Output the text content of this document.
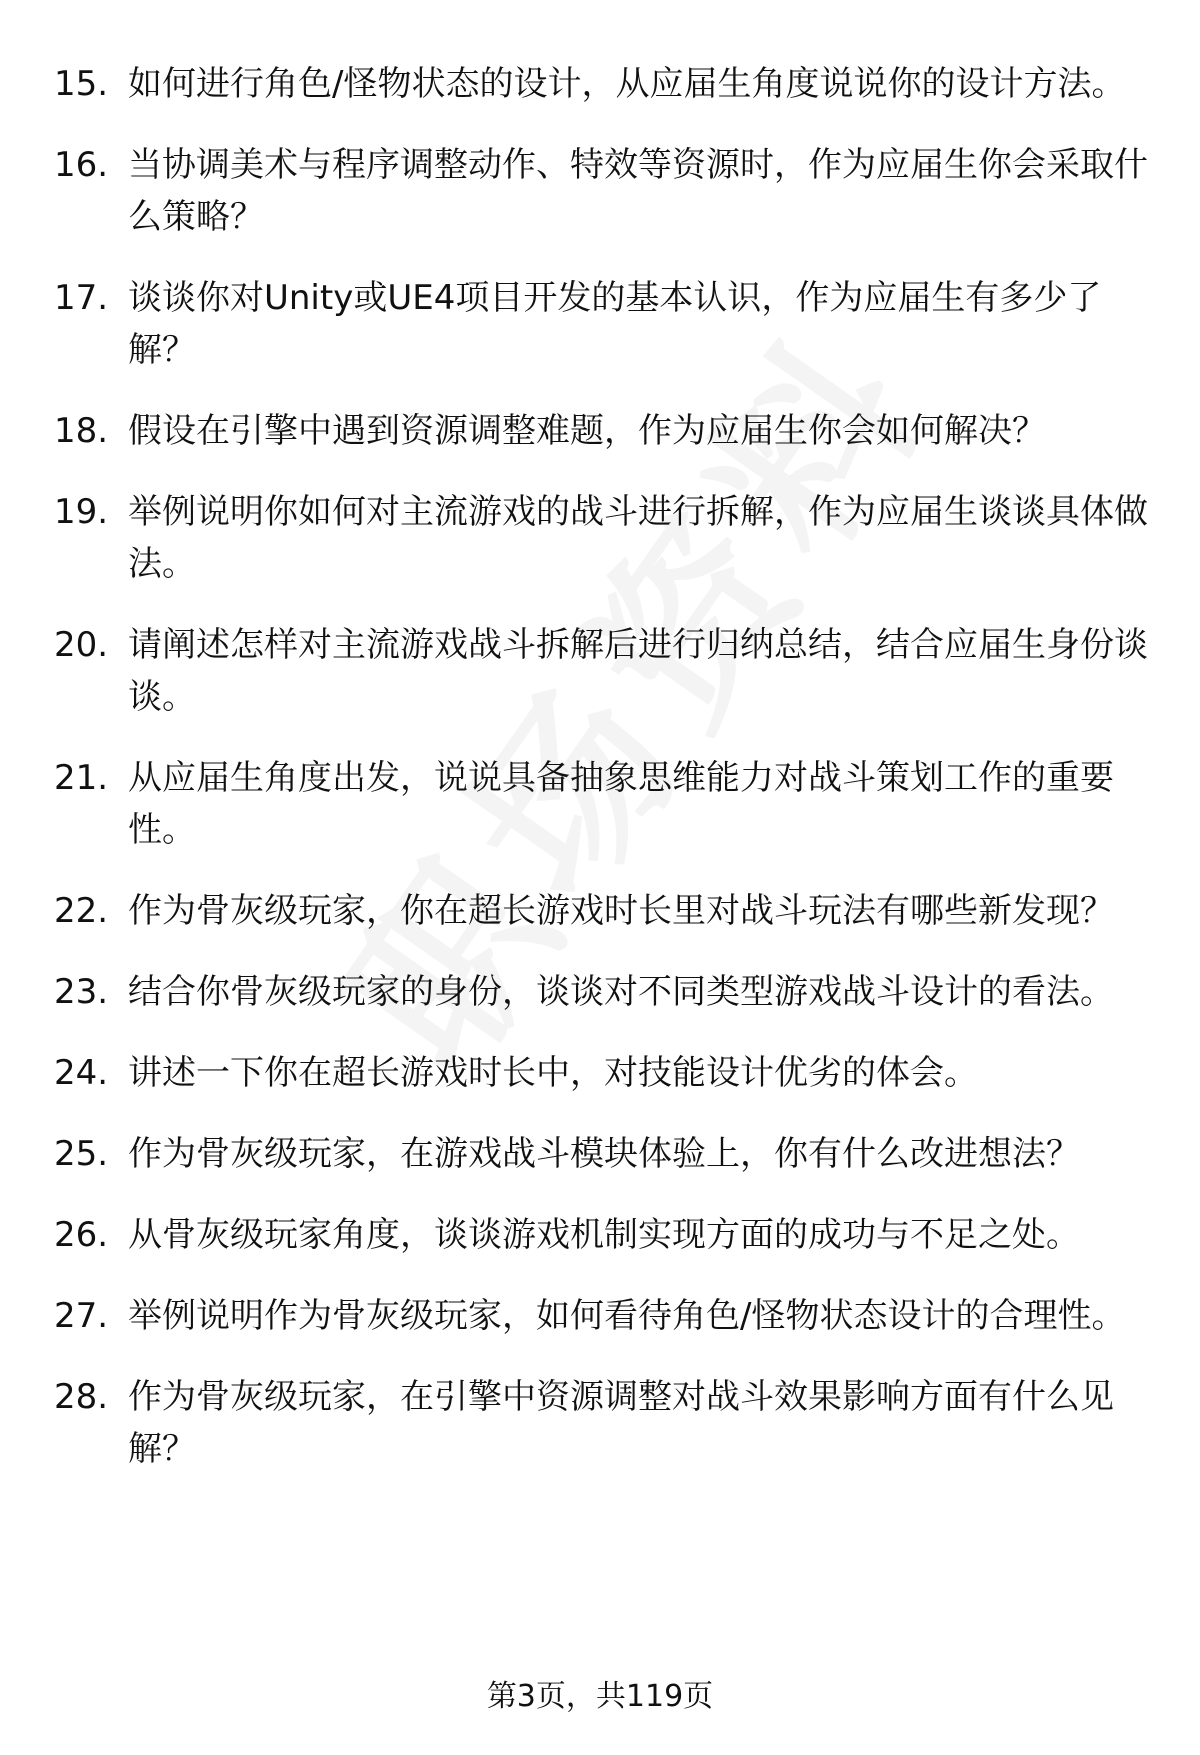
15. 如何进行角色/怪物状态的设计，从应届生角度说说你的设计方法。
16. 当协调美术与程序调整动作、特效等资源时，作为应届生你会采取什么策略？
17. 谈谈你对Unity或UE4项目开发的基本认识，作为应届生有多少了解？
18. 假设在引擎中遇到资源调整难题，作为应届生你会如何解决？
19. 举例说明你如何对主流游戏的战斗进行拆解，作为应届生谈谈具体做法。
20. 请阐述怎样对主流游戏战斗拆解后进行归纳总结，结合应届生身份谈谈。
21. 从应届生角度出发，说说具备抽象思维能力对战斗策划工作的重要性。
22. 作为骨灰级玩家，你在超长游戏时长里对战斗玩法有哪些新发现？
23. 结合你骨灰级玩家的身份，谈谈对不同类型游戏战斗设计的看法。
24. 讲述一下你在超长游戏时长中，对技能设计优劣的体会。
25. 作为骨灰级玩家，在游戏战斗模块体验上，你有什么改进想法？
26. 从骨灰级玩家角度，谈谈游戏机制实现方面的成功与不足之处。
27. 举例说明作为骨灰级玩家，如何看待角色/怪物状态设计的合理性。
28. 作为骨灰级玩家，在引擎中资源调整对战斗效果影响方面有什么见解？
第3页，共119页
